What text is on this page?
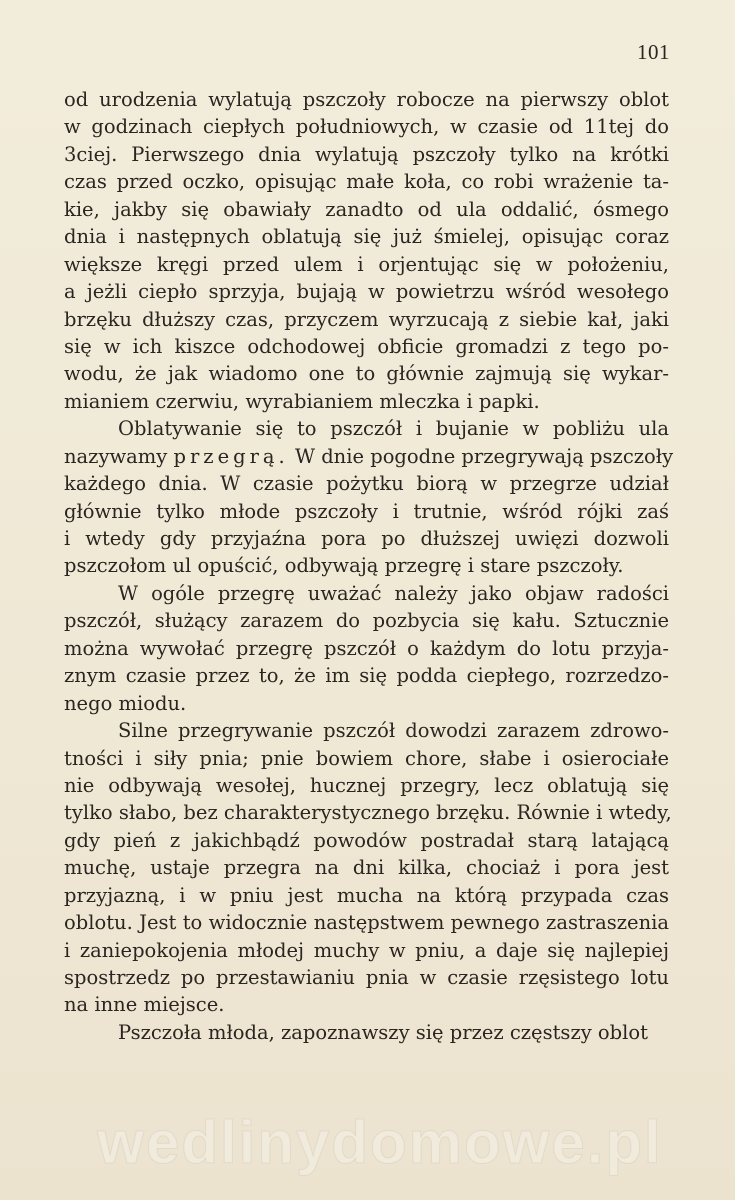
101
od urodzenia wylatują pszczoły robocze na pierwszy oblot
w godzinach ciepłych południowych, w czasie od 11tej do
3ciej. Pierwszego dnia wylatują pszczoły tylko na krótki
czas przed oczko, opisując małe koła, co robi wrażenie ta-
kie, jakby się obawiały zanadto od ula oddalić, ósmego
dnia i następnych oblatują się już śmielej, opisując coraz
większe kręgi przed ulem i orjentując się w położeniu,
a jeżli ciepło sprzyja, bujają w powietrzu wśród wesołego
brzęku dłuższy czas, przyczem wyrzucają z siebie kał, jaki
się w ich kiszce odchodowej obficie gromadzi z tego po-
wodu, że jak wiadomo one to głównie zajmują się wykar-
mianiem czerwiu, wyrabianiem mleczka i papki.
Oblatywanie się to pszczół i bujanie w pobliżu ula
nazywamy przegrą. W dnie pogodne przegrywają pszczoły
każdego dnia. W czasie pożytku biorą w przegrze udział
głównie tylko młode pszczoły i trutnie, wśród rójki zaś
i wtedy gdy przyjaźna pora po dłuższej uwięzi dozwoli
pszczołom ul opuścić, odbywają przegrę i stare pszczoły.
W ogóle przegrę uważać należy jako objaw radości
pszczół, służący zarazem do pozbycia się kału. Sztucznie
można wywołać przegrę pszczół o każdym do lotu przyja-
znym czasie przez to, że im się podda ciepłego, rozrzedzo-
nego miodu.
Silne przegrywanie pszczół dowodzi zarazem zdrowo-
tności i siły pnia; pnie bowiem chore, słabe i osierociałe
nie odbywają wesołej, hucznej przegry, lecz oblatują się
tylko słabo, bez charakterystycznego brzęku. Równie i wtedy,
gdy pień z jakichbądź powodów postradał starą latającą
muchę, ustaje przegra na dni kilka, chociaż i pora jest
przyjazną, i w pniu jest mucha na którą przypada czas
oblotu. Jest to widocznie następstwem pewnego zastraszenia
i zaniepokojenia młodej muchy w pniu, a daje się najlepiej
spostrzedz po przestawianiu pnia w czasie rzęsistego lotu
na inne miejsce.
Pszczoła młoda, zapoznawszy się przez częstszy oblot
wedlinydomowe.pl
